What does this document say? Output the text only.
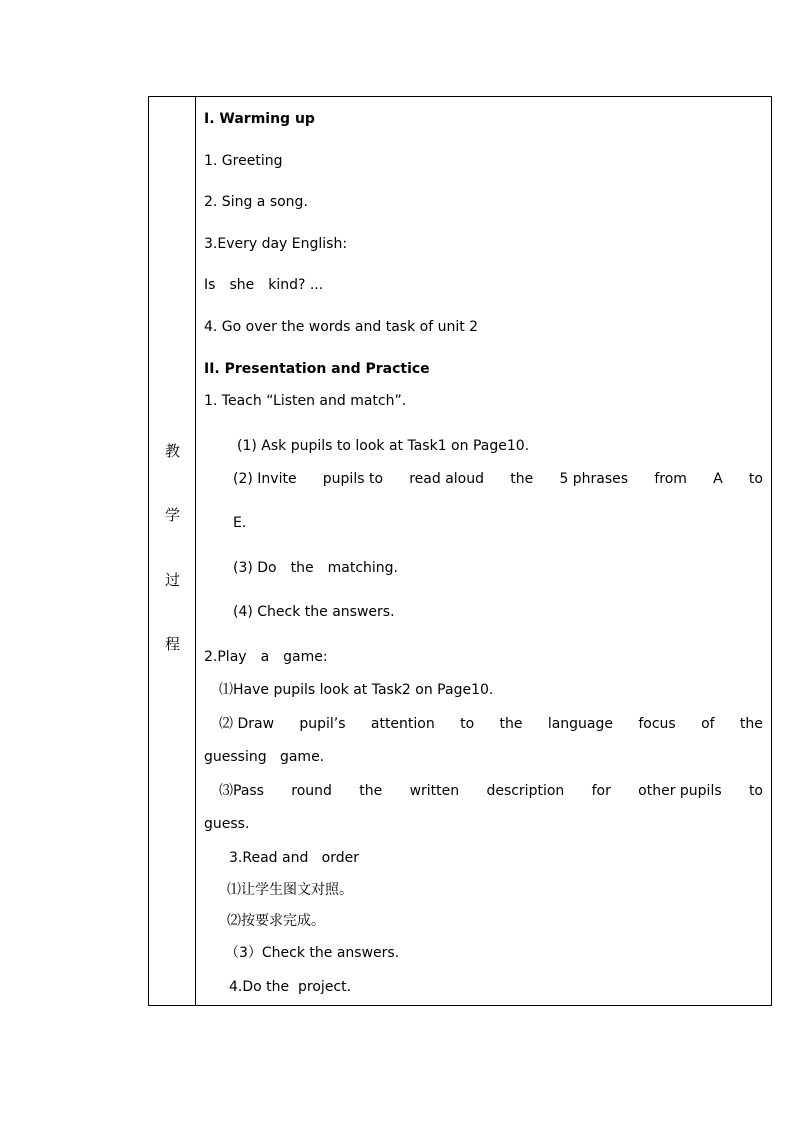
教
学
过
程
I. Warming up
1. Greeting
2. Sing a song.
3.Every day English:
Is she kind? ...
4. Go over the words and task of unit 2
II. Presentation and Practice
1. Teach “Listen and match”.
(1) Ask pupils to look at Task1 on Page10.
(2) Invite pupils to read aloud the 5 phrases from A to
E.
(3) Do the matching.
(4) Check the answers.
2.Play a game:
⑴Have pupils look at Task2 on Page10.
⑵ Draw pupil’s attention to the language focus of the
guessing   game.
⑶Pass round the written description for other pupils to
guess.
3.Read and   order
⑴让学生图文对照。
⑵按要求完成。
（3）Check the answers.
4.Do the  project.
